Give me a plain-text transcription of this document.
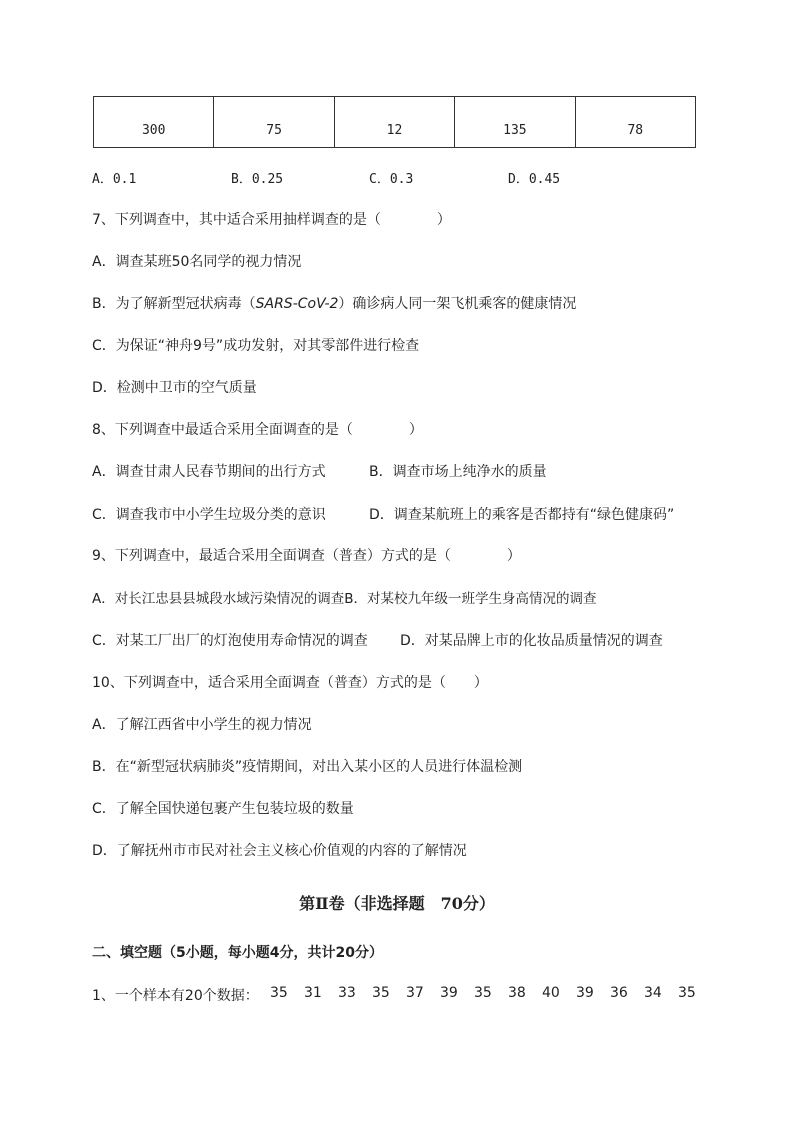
300	75	12	135	78
A．0.1	B．0.25	C．0.3	D．0.45
7、下列调查中，其中适合采用抽样调查的是（　　　　）
A．调查某班50名同学的视力情况
B．为了解新型冠状病毒（SARS-CoV-2）确诊病人同一架飞机乘客的健康情况
C．为保证“神舟9号”成功发射，对其零部件进行检查
D．检测中卫市的空气质量
8、下列调查中最适合采用全面调查的是（　　　　）
A．调查甘肃人民春节期间的出行方式	B．调查市场上纯净水的质量
C．调查我市中小学生垃圾分类的意识	D．调查某航班上的乘客是否都持有“绿色健康码”
9、下列调查中，最适合采用全面调查（普查）方式的是（　　　　）
A．对长江忠县县城段水域污染情况的调查B．对某校九年级一班学生身高情况的调查
C．对某工厂出厂的灯泡使用寿命情况的调查 D．对某品牌上市的化妆品质量情况的调查
10、下列调查中，适合采用全面调查（普查）方式的是（　　）
A．了解江西省中小学生的视力情况
B．在“新型冠状病肺炎”疫情期间，对出入某小区的人员进行体温检测
C．了解全国快递包裹产生包装垃圾的数量
D．了解抚州市市民对社会主义核心价值观的内容的了解情况
第Ⅱ卷（非选择题　70分）
二、填空题（5小题，每小题4分，共计20分）
1、一个样本有20个数据： 35 31 33 35 37 39 35 38 40 39 36 34 35
